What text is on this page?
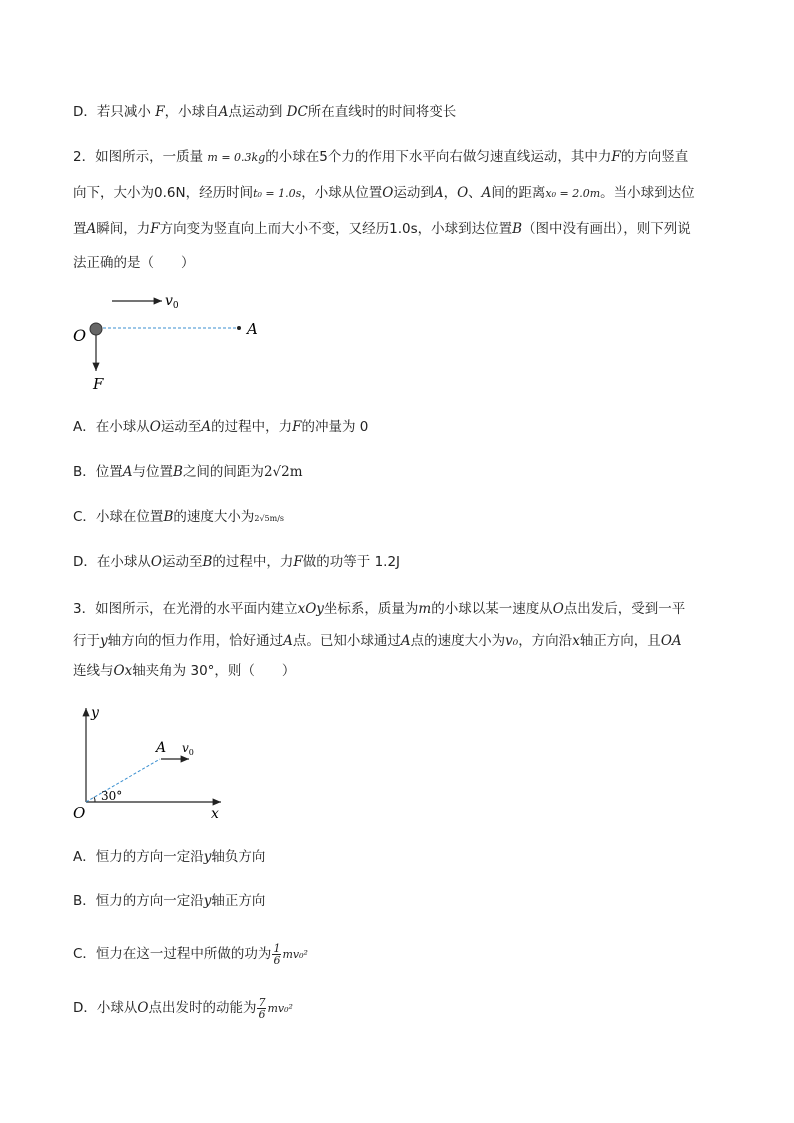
D．若只减小 F，小球自A点运动到 DC所在直线时的时间将变长
2．如图所示，一质量 m = 0.3kg的小球在5个力的作用下水平向右做匀速直线运动，其中力F的方向竖直
向下，大小为0.6N，经历时间t₀ = 1.0s，小球从位置O运动到A，O、A间的距离x₀ = 2.0m。当小球到达位
置A瞬间，力F方向变为竖直向上而大小不变，又经历1.0s，小球到达位置B（图中没有画出），则下列说
法正确的是（　　）
$v_0$
O	A
F
A．在小球从O运动至A的过程中，力F的冲量为 0
B．位置A与位置B之间的间距为2√2m
C．小球在位置B的速度大小为2√5m/s
D．在小球从O运动至B的过程中，力F做的功等于 1.2J
3．如图所示，在光滑的水平面内建立xOy坐标系，质量为m的小球以某一速度从O点出发后，受到一平
行于y轴方向的恒力作用，恰好通过A点。已知小球通过A点的速度大小为v₀，方向沿x轴正方向，且OA
连线与Ox轴夹角为 30°，则（　　）
y
x
O
A $v_0$
30°
A．恒力的方向一定沿y轴负方向
B．恒力的方向一定沿y轴正方向
C．恒力在这一过程中所做的功为 $\frac{1}{6} mv_0^2$
D．小球从O点出发时的动能为 $\frac{7}{6} mv_0^2$
